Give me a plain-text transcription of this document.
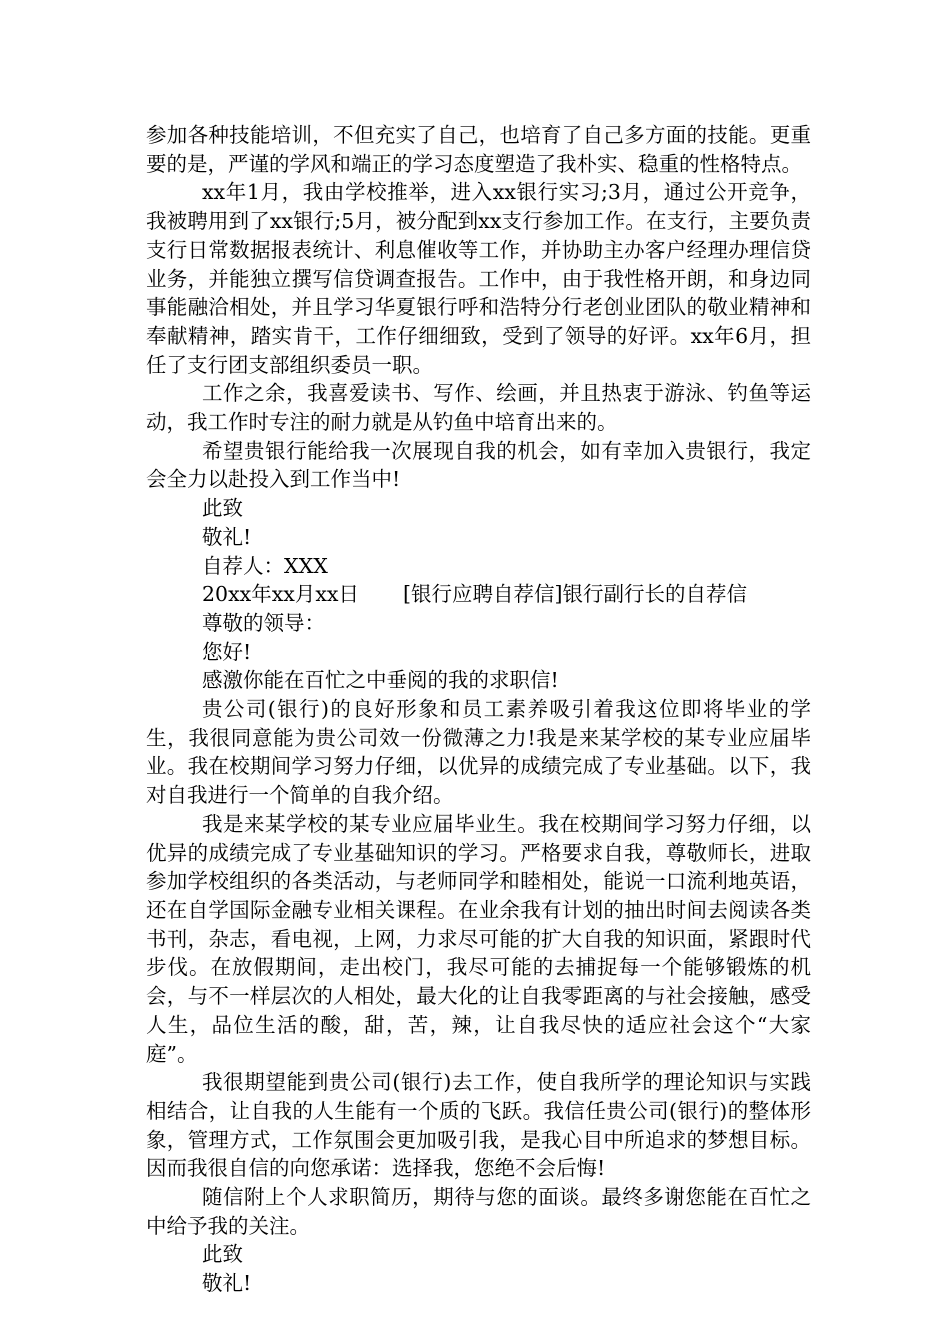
参加各种技能培训，不但充实了自己，也培育了自己多方面的技能。更重要的是，严谨的学风和端正的学习态度塑造了我朴实、稳重的性格特点。

xx年1月，我由学校推举，进入xx银行实习;3月，通过公开竞争，我被聘用到了xx银行;5月，被分配到xx支行参加工作。在支行，主要负责支行日常数据报表统计、利息催收等工作，并协助主办客户经理办理信贷业务，并能独立撰写信贷调查报告。工作中，由于我性格开朗，和身边同事能融洽相处，并且学习华夏银行呼和浩特分行老创业团队的敬业精神和奉献精神，踏实肯干，工作仔细细致，受到了领导的好评。xx年6月，担任了支行团支部组织委员一职。

工作之余，我喜爱读书、写作、绘画，并且热衷于游泳、钓鱼等运动，我工作时专注的耐力就是从钓鱼中培育出来的。

希望贵银行能给我一次展现自我的机会，如有幸加入贵银行，我定会全力以赴投入到工作当中!

此致

敬礼!

自荐人：XXX

20xx年xx月xx日 [银行应聘自荐信]银行副行长的自荐信

尊敬的领导：

您好!

感激你能在百忙之中垂阅的我的求职信!

贵公司(银行)的良好形象和员工素养吸引着我这位即将毕业的学生，我很同意能为贵公司效一份微薄之力!我是来某学校的某专业应届毕业。我在校期间学习努力仔细，以优异的成绩完成了专业基础。以下，我对自我进行一个简单的自我介绍。

我是来某学校的某专业应届毕业生。我在校期间学习努力仔细，以优异的成绩完成了专业基础知识的学习。严格要求自我，尊敬师长，进取参加学校组织的各类活动，与老师同学和睦相处，能说一口流利地英语，还在自学国际金融专业相关课程。在业余我有计划的抽出时间去阅读各类书刊，杂志，看电视，上网，力求尽可能的扩大自我的知识面，紧跟时代步伐。在放假期间，走出校门，我尽可能的去捕捉每一个能够锻炼的机会，与不一样层次的人相处，最大化的让自我零距离的与社会接触，感受人生，品位生活的酸，甜，苦，辣，让自我尽快的适应社会这个“大家庭”。

我很期望能到贵公司(银行)去工作，使自我所学的理论知识与实践相结合，让自我的人生能有一个质的飞跃。我信任贵公司(银行)的整体形象，管理方式，工作氛围会更加吸引我，是我心目中所追求的梦想目标。因而我很自信的向您承诺：选择我，您绝不会后悔!

随信附上个人求职简历，期待与您的面谈。最终多谢您能在百忙之中给予我的关注。

此致

敬礼!
